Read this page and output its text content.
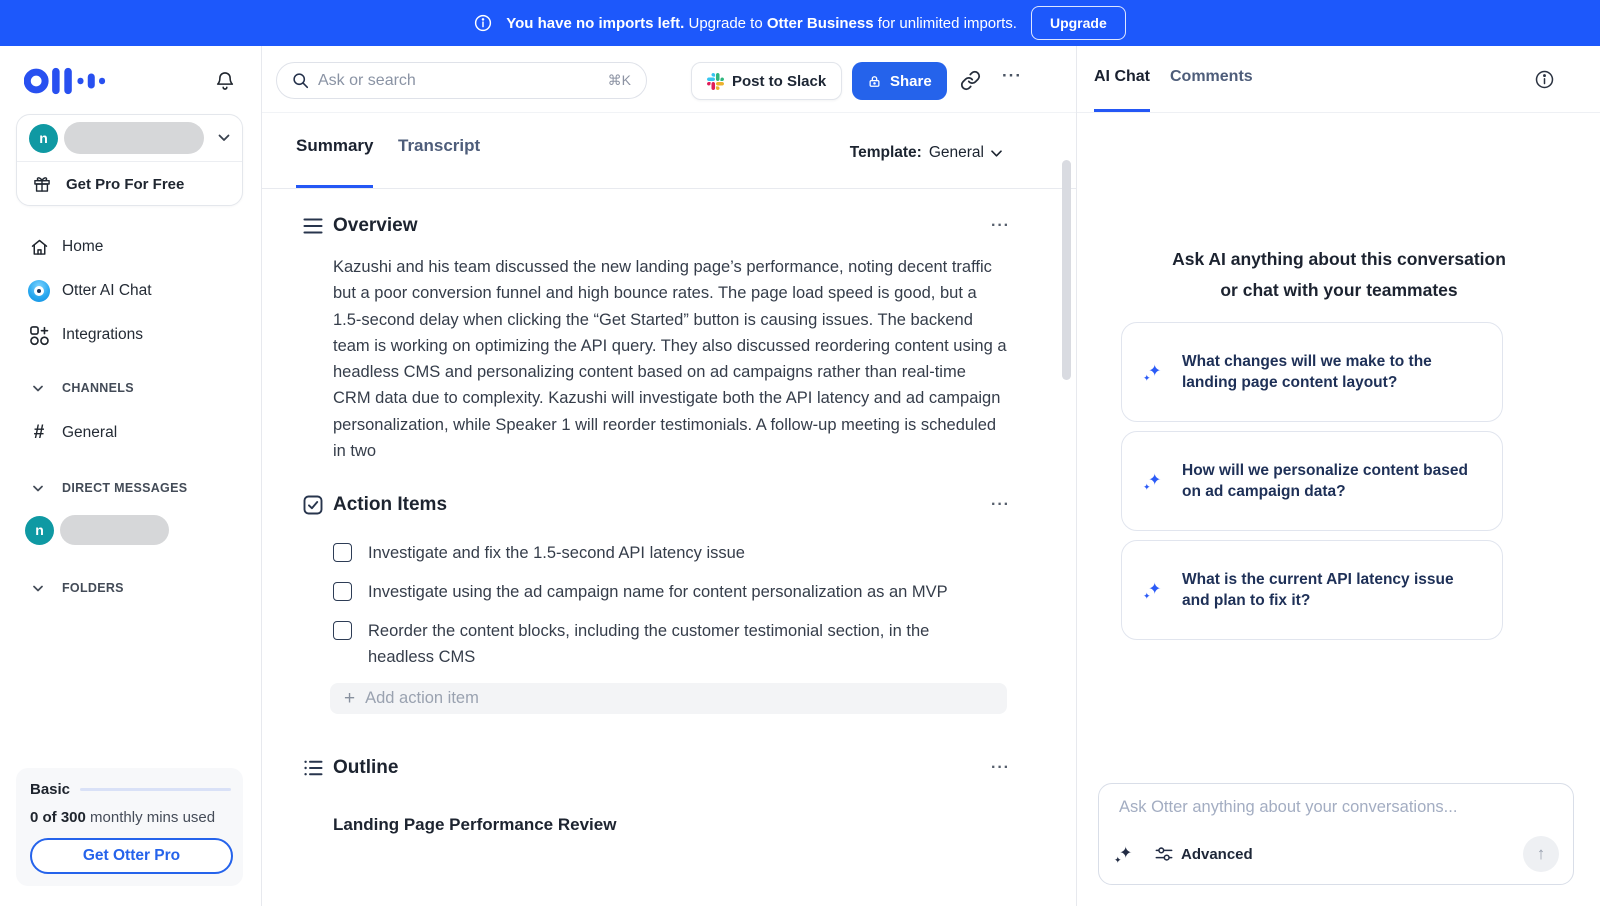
You have no imports left. Upgrade to Otter Business for unlimited imports.	Upgrade
n
Get Pro For Free
Home
Otter AI Chat
Integrations
CHANNELS
# General
DIRECT MESSAGES
n
FOLDERS
Basic
0 of 300 monthly mins used
Get Otter Pro
Ask or search
⌘K	Post to Slack	Share	···
Summary Transcript	Template: General
Overview	···

Kazushi and his team discussed the new landing page’s performance, noting decent traffic but a poor conversion funnel and high bounce rates. The page load speed is good, but a 1.5-second delay when clicking the “Get Started” button is causing issues. The backend team is working on optimizing the API query. They also discussed reordering content using a headless CMS and personalizing content based on ad campaigns rather than real-time CRM data due to complexity. Kazushi will investigate both the API latency and ad campaign personalization, while Speaker 1 will reorder testimonials. A follow-up meeting is scheduled in two

Action Items	···
Investigate and fix the 1.5-second API latency issue
Investigate using the ad campaign name for content personalization as an MVP
Reorder the content blocks, including the customer testimonial section, in the headless CMS
+ Add action item
Outline	···
Landing Page Performance Review
AI Chat Comments
Ask AI anything about this conversation
or chat with your teammates
✦
✦
What changes will we make to the landing page content layout?
✦
✦
How will we personalize content based on ad campaign data?
✦
✦
What is the current API latency issue and plan to fix it?
Ask Otter anything about your conversations...
✦
✦	Advanced	↑
